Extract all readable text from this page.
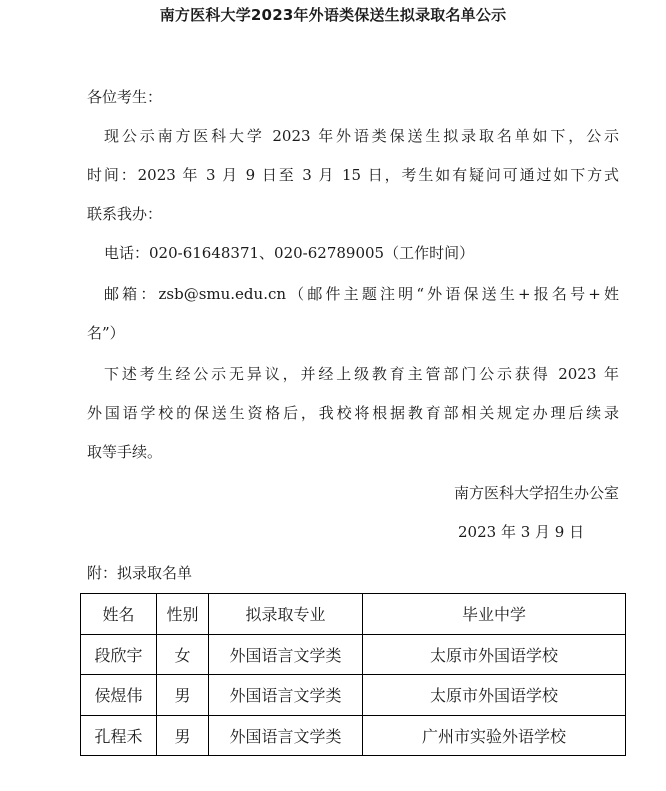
南方医科大学2023年外语类保送生拟录取名单公示
各位考生：
现公示南方医科大学 2023 年外语类保送生拟录取名单如下，公示
时间：2023 年 3 月 9 日至 3 月 15 日，考生如有疑问可通过如下方式
联系我办：
电话：020-61648371、020-62789005（工作时间）
邮箱：zsb@smu.edu.cn（邮件主题注明“外语保送生+报名号+姓
名”）
下述考生经公示无异议，并经上级教育主管部门公示获得 2023 年
外国语学校的保送生资格后，我校将根据教育部相关规定办理后续录
取等手续。
南方医科大学招生办公室
2023 年 3 月 9 日
附：拟录取名单
姓名	性别	拟录取专业	毕业中学
段欣宇	女	外国语言文学类	太原市外国语学校
侯煜伟	男	外国语言文学类	太原市外国语学校
孔程禾	男	外国语言文学类	广州市实验外语学校
